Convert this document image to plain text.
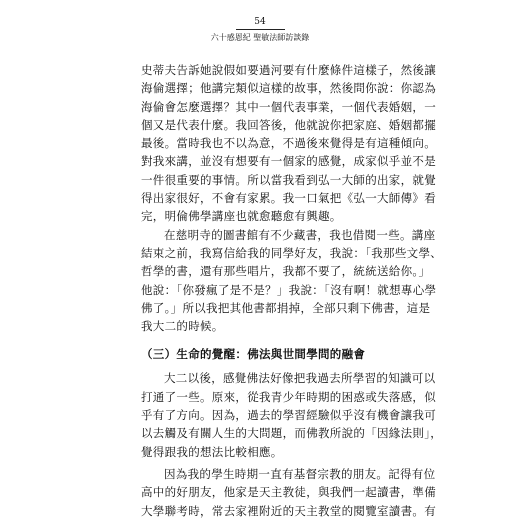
54
六十感恩紀 聖敏法師訪談錄
史蒂夫告訴她說假如要過河要有什麼條件這樣子，然後讓
海倫選擇；他講完類似這樣的故事，然後問你說：你認為
海倫會怎麼選擇？其中一個代表事業，一個代表婚姻，一
個又是代表什麼。我回答後，他就說你把家庭、婚姻都擺
最後。當時我也不以為意，不過後來覺得是有這種傾向。
對我來講，並沒有想要有一個家的感覺，成家似乎並不是
一件很重要的事情。所以當我看到弘一大師的出家，就覺
得出家很好，不會有家累。我一口氣把《弘一大師傳》看
完，明倫佛學講座也就愈聽愈有興趣。
在慈明寺的圖書館有不少藏書，我也借閱一些。講座
結束之前，我寫信給我的同學好友，我說：「我那些文學、
哲學的書，還有那些唱片，我都不要了，統統送給你。」
他說：「你發瘋了是不是？」我說：「沒有啊！就想專心學
佛了。」所以我把其他書都捐掉，全部只剩下佛書，這是
我大二的時候。
（三）生命的覺醒：佛法與世間學問的融會
大二以後，感覺佛法好像把我過去所學習的知識可以
打通了一些。原來，從我青少年時期的困惑或失落感，似
乎有了方向。因為，過去的學習經驗似乎沒有機會讓我可
以去觸及有關人生的大問題，而佛教所說的「因緣法則」，
覺得跟我的想法比較相應。
因為我的學生時期一直有基督宗教的朋友。記得有位
高中的好朋友，他家是天主教徒，與我們一起讀書，準備
大學聯考時，常去家裡附近的天主教堂的閱覽室讀書。有
